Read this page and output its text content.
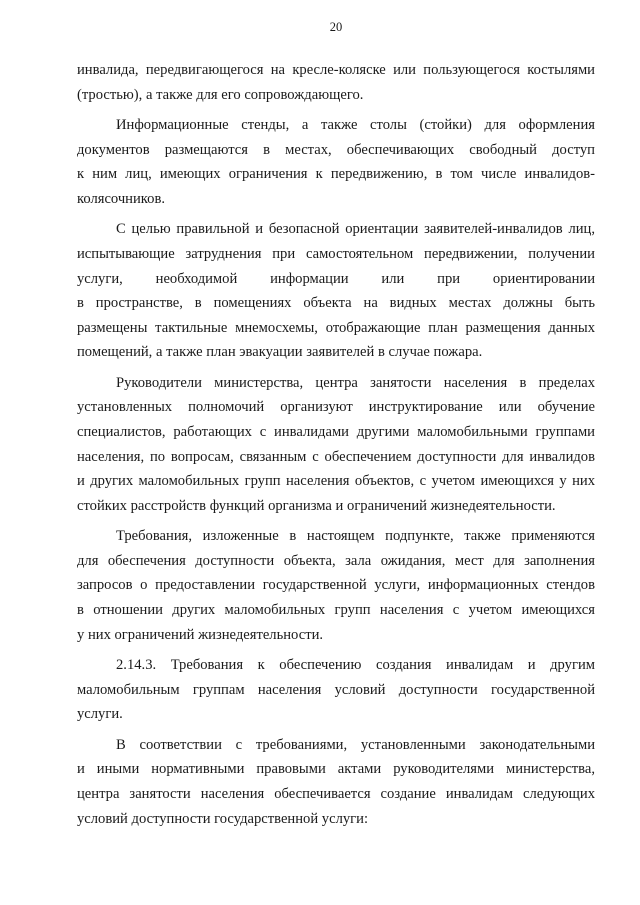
20
инвалида, передвигающегося на кресле-коляске или пользующегося костылями
(тростью), а также для его сопровождающего.
Информационные стенды, а также столы (стойки) для оформления
документов размещаются в местах, обеспечивающих свободный доступ
к ним лиц, имеющих ограничения к передвижению, в том числе инвалидов-
колясочников.
С целью правильной и безопасной ориентации заявителей-инвалидов лиц,
испытывающие затруднения при самостоятельном передвижении, получении
услуги, необходимой информации или при ориентировании
в пространстве, в помещениях объекта на видных местах должны быть
размещены тактильные мнемосхемы, отображающие план размещения данных
помещений, а также план эвакуации заявителей в случае пожара.
Руководители министерства, центра занятости населения в пределах
установленных полномочий организуют инструктирование или обучение
специалистов, работающих с инвалидами другими маломобильными группами
населения, по вопросам, связанным с обеспечением доступности для инвалидов
и других маломобильных групп населения объектов, с учетом имеющихся у них
стойких расстройств функций организма и ограничений жизнедеятельности.
Требования, изложенные в настоящем подпункте, также применяются
для обеспечения доступности объекта, зала ожидания, мест для заполнения
запросов о предоставлении государственной услуги, информационных стендов
в отношении других маломобильных групп населения с учетом имеющихся
у них ограничений жизнедеятельности.
2.14.3. Требования к обеспечению создания инвалидам и другим
маломобильным группам населения условий доступности государственной
услуги.
В соответствии с требованиями, установленными законодательными
и иными нормативными правовыми актами руководителями министерства,
центра занятости населения обеспечивается создание инвалидам следующих
условий доступности государственной услуги:
